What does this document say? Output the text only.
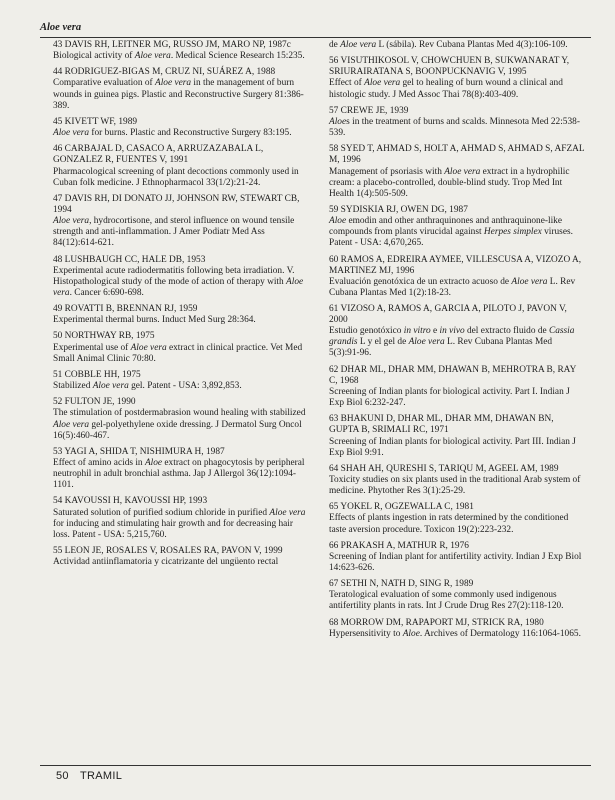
Aloe vera
43 DAVIS RH, LEITNER MG, RUSSO JM, MARO NP, 1987c
Biological activity of Aloe vera. Medical Science Research 15:235.
44 RODRIGUEZ-BIGAS M, CRUZ NI, SUÁREZ A, 1988
Comparative evaluation of Aloe vera in the management of burn wounds in guinea pigs. Plastic and Reconstructive Surgery 81:386-389.
45 KIVETT WF, 1989
Aloe vera for burns. Plastic and Reconstructive Surgery 83:195.
46 CARBAJAL D, CASACO A, ARRUZAZABALA L, GONZALEZ R, FUENTES V, 1991
Pharmacological screening of plant decoctions commonly used in Cuban folk medicine. J Ethnopharmacol 33(1/2):21-24.
47 DAVIS RH, DI DONATO JJ, JOHNSON RW, STEWART CB, 1994
Aloe vera, hydrocortisone, and sterol influence on wound tensile strength and anti-inflammation. J Amer Podiatr Med Ass 84(12):614-621.
48 LUSHBAUGH CC, HALE DB, 1953
Experimental acute radiodermatitis following beta irradiation. V. Histopathological study of the mode of action of therapy with Aloe vera. Cancer 6:690-698.
49 ROVATTI B, BRENNAN RJ, 1959
Experimental thermal burns. Induct Med Surg 28:364.
50 NORTHWAY RB, 1975
Experimental use of Aloe vera extract in clinical practice. Vet Med Small Animal Clinic 70:80.
51 COBBLE HH, 1975
Stabilized Aloe vera gel. Patent - USA: 3,892,853.
52 FULTON JE, 1990
The stimulation of postdermabrasion wound healing with stabilized Aloe vera gel-polyethylene oxide dressing. J Dermatol Surg Oncol 16(5):460-467.
53 YAGI A, SHIDA T, NISHIMURA H, 1987
Effect of amino acids in Aloe extract on phagocytosis by peripheral neutrophil in adult bronchial asthma. Jap J Allergol 36(12):1094-1101.
54 KAVOUSSI H, KAVOUSSI HP, 1993
Saturated solution of purified sodium chloride in purified Aloe vera for inducing and stimulating hair growth and for decreasing hair loss. Patent - USA: 5,215,760.
55 LEON JE, ROSALES V, ROSALES RA, PAVON V, 1999
Actividad antiinflamatoria y cicatrizante del ungüento rectal
de Aloe vera L (sábila). Rev Cubana Plantas Med 4(3):106-109.
56 VISUTHIKOSOL V, CHOWCHUEN B, SUKWANARAT Y, SRIURAIRATANA S, BOONPUCKNAVIG V, 1995
Effect of Aloe vera gel to healing of burn wound a clinical and histologic study. J Med Assoc Thai 78(8):403-409.
57 CREWE JE, 1939
Aloes in the treatment of burns and scalds. Minnesota Med 22:538-539.
58 SYED T, AHMAD S, HOLT A, AHMAD S, AHMAD S, AFZAL M, 1996
Management of psoriasis with Aloe vera extract in a hydrophilic cream: a placebo-controlled, double-blind study. Trop Med Int Health 1(4):505-509.
59 SYDISKIA RJ, OWEN DG, 1987
Aloe emodin and other anthraquinones and anthraquinone-like compounds from plants virucidal against Herpes simplex viruses. Patent - USA: 4,670,265.
60 RAMOS A, EDREIRA AYMEE, VILLESCUSA A, VIZOZO A, MARTINEZ MJ, 1996
Evaluación genotóxica de un extracto acuoso de Aloe vera L. Rev Cubana Plantas Med 1(2):18-23.
61 VIZOSO A, RAMOS A, GARCIA A, PILOTO J, PAVON V, 2000
Estudio genotóxico in vitro e in vivo del extracto fluido de Cassia grandis L y el gel de Aloe vera L. Rev Cubana Plantas Med 5(3):91-96.
62 DHAR ML, DHAR MM, DHAWAN B, MEHROTRA B, RAY C, 1968
Screening of Indian plants for biological activity. Part I. Indian J Exp Biol 6:232-247.
63 BHAKUNI D, DHAR ML, DHAR MM, DHAWAN BN, GUPTA B, SRIMALI RC, 1971
Screening of Indian plants for biological activity. Part III. Indian J Exp Biol 9:91.
64 SHAH AH, QURESHI S, TARIQU M, AGEEL AM, 1989
Toxicity studies on six plants used in the traditional Arab system of medicine. Phytother Res 3(1):25-29.
65 YOKEL R, OGZEWALLA C, 1981
Effects of plants ingestion in rats determined by the conditioned taste aversion procedure. Toxicon 19(2):223-232.
66 PRAKASH A, MATHUR R, 1976
Screening of Indian plant for antifertility activity. Indian J Exp Biol 14:623-626.
67 SETHI N, NATH D, SING R, 1989
Teratological evaluation of some commonly used indigenous antifertility plants in rats. Int J Crude Drug Res 27(2):118-120.
68 MORROW DM, RAPAPORT MJ, STRICK RA, 1980
Hypersensitivity to Aloe. Archives of Dermatology 116:1064-1065.
50 TRAMIL
